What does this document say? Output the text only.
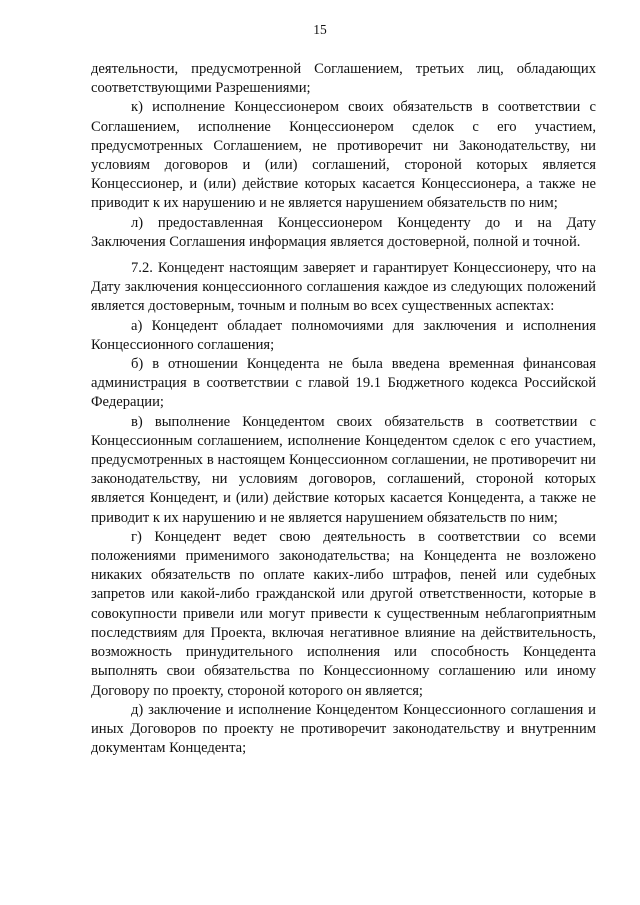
15

деятельности, предусмотренной Соглашением, третьих лиц, обладающих соответствующими Разрешениями;

к) исполнение Концессионером своих обязательств в соответствии с Соглашением, исполнение Концессионером сделок с его участием, предусмотренных Соглашением, не противоречит ни Законодательству, ни условиям договоров и (или) соглашений, стороной которых является Концессионер, и (или) действие которых касается Концессионера, а также не приводит к их нарушению и не является нарушением обязательств по ним;

л) предоставленная Концессионером Концеденту до и на Дату Заключения Соглашения информация является достоверной, полной и точной.

7.2. Концедент настоящим заверяет и гарантирует Концессионеру, что на Дату заключения концессионного соглашения каждое из следующих положений является достоверным, точным и полным во всех существенных аспектах:

а) Концедент обладает полномочиями для заключения и исполнения Концессионного соглашения;

б) в отношении Концедента не была введена временная финансовая администрация в соответствии с главой 19.1 Бюджетного кодекса Российской Федерации;

в) выполнение Концедентом своих обязательств в соответствии с Концессионным соглашением, исполнение Концедентом сделок с его участием, предусмотренных в настоящем Концессионном соглашении, не противоречит ни законодательству, ни условиям договоров, соглашений, стороной которых является Концедент, и (или) действие которых касается Концедента, а также не приводит к их нарушению и не является нарушением обязательств по ним;

г) Концедент ведет свою деятельность в соответствии со всеми положениями применимого законодательства; на Концедента не возложено никаких обязательств по оплате каких-либо штрафов, пеней или судебных запретов или какой-либо гражданской или другой ответственности, которые в совокупности привели или могут привести к существенным неблагоприятным последствиям для Проекта, включая негативное влияние на действительность, возможность принудительного исполнения или способность Концедента выполнять свои обязательства по Концессионному соглашению или иному Договору по проекту, стороной которого он является;

д) заключение и исполнение Концедентом Концессионного соглашения и иных Договоров по проекту не противоречит законодательству и внутренним документам Концедента;
